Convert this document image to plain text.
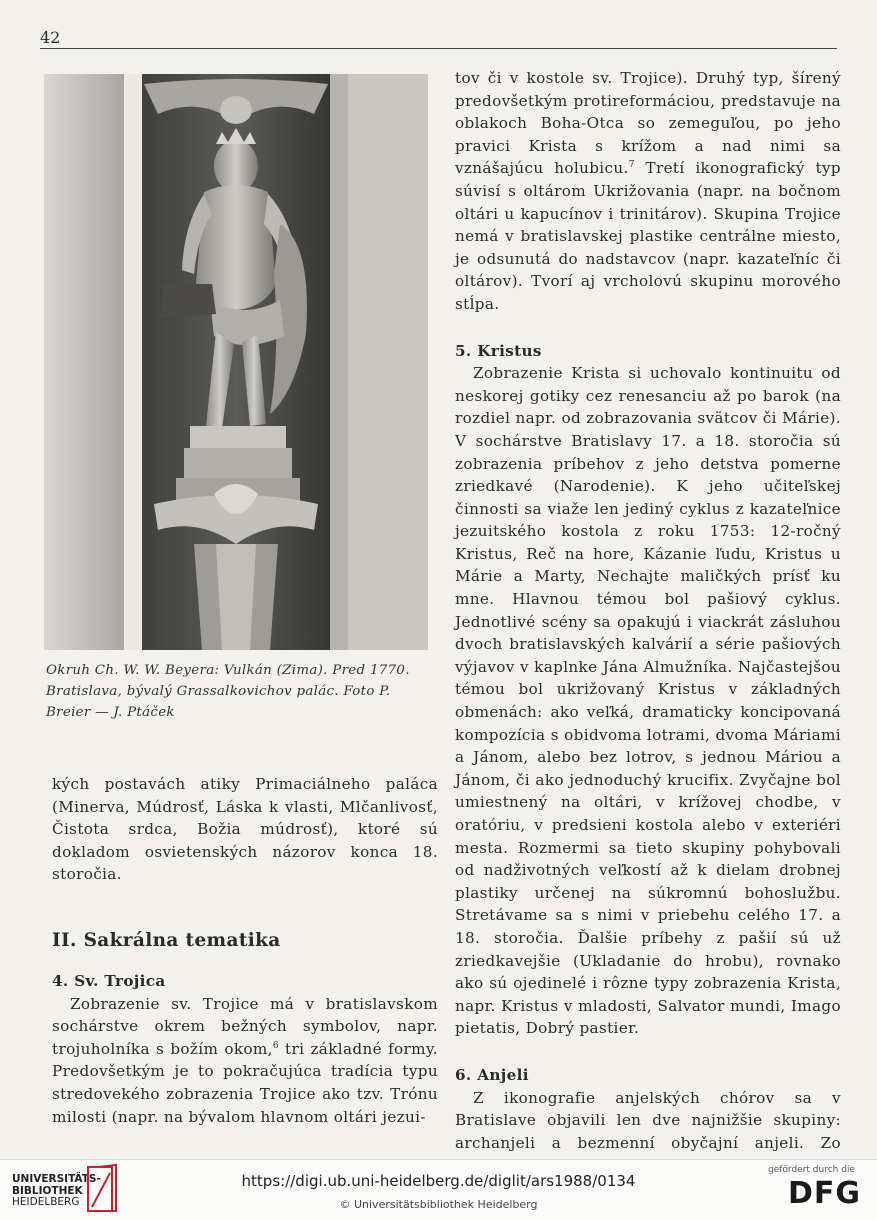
42
Okruh Ch. W. W. Beyera: Vulkán (Zima). Pred 1770. Bratislava, bývalý Grassalkovichov palác. Foto P. Breier — J. Ptáček

kých postavách atiky Primaciálneho paláca (Minerva, Múdrosť, Láska k vlasti, Mlčanlivosť, Čistota srdca, Božia múdrosť), ktoré sú dokladom osvietenských názorov konca 18. storočia.

II. Sakrálna tematika
4. Sv. Trojica

Zobrazenie sv. Trojice má v bratislavskom sochárstve okrem bežných symbolov, napr. trojuholníka s božím okom,$^6$ tri základné formy. Predovšetkým je to pokračujúca tradícia typu stredovekého zobrazenia Trojice ako tzv. Trónu milosti (napr. na bývalom hlavnom oltári jezui-

tov či v kostole sv. Trojice). Druhý typ, šírený predovšetkým protireformáciou, predstavuje na oblakoch Boha-Otca so zemeguľou, po jeho pravici Krista s krížom a nad nimi sa vznášajúcu holubicu.$^7$ Tretí ikonografický typ súvisí s oltárom Ukrižovania (napr. na bočnom oltári u kapucínov i trinitárov). Skupina Trojice nemá v bratislavskej plastike centrálne miesto, je odsunutá do nadstavcov (napr. kazateľníc či oltárov). Tvorí aj vrcholovú skupinu morového stĺpa.

5. Kristus

Zobrazenie Krista si uchovalo kontinuitu od neskorej gotiky cez renesanciu až po barok (na rozdiel napr. od zobrazovania svätcov či Márie). V sochárstve Bratislavy 17. a 18. storočia sú zobrazenia príbehov z jeho detstva pomerne zriedkavé (Narodenie). K jeho učiteľskej činnosti sa viaže len jediný cyklus z kazateľnice jezuitského kostola z roku 1753: 12-ročný Kristus, Reč na hore, Kázanie ľudu, Kristus u Márie a Marty, Nechajte maličkých prísť ku mne. Hlavnou témou bol pašiový cyklus. Jednotlivé scény sa opakujú i viackrát zásluhou dvoch bratislavských kalvárií a série pašiových výjavov v kaplnke Jána Almužníka. Najčastejšou témou bol ukrižovaný Kristus v základných obmenách: ako veľká, dramaticky koncipovaná kompozícia s obidvoma lotrami, dvoma Máriami a Jánom, alebo bez lotrov, s jednou Máriou a Jánom, či ako jednoduchý krucifix. Zvyčajne bol umiestnený na oltári, v krížovej chodbe, v oratóriu, v predsieni kostola alebo v exteriéri mesta. Rozmermi sa tieto skupiny pohybovali od nadživotných veľkostí až k dielam drobnej plastiky určenej na súkromnú bohoslužbu. Stretávame sa s nimi v priebehu celého 17. a 18. storočia. Ďalšie príbehy z pašií sú už zriedkavejšie (Ukladanie do hrobu), rovnako ako sú ojedinelé i rôzne typy zobrazenia Krista, napr. Kristus v mladosti, Salvator mundi, Imago pietatis, Dobrý pastier.

6. Anjeli

Z ikonografie anjelských chórov sa v Bratislave objavili len dve najnižšie skupiny: archanjeli a bezmenní obyčajní anjeli. Zo

UNIVERSITÄTS-
BIBLIOTHEK
HEIDELBERG
https://digi.ub.uni-heidelberg.de/diglit/ars1988/0134
© Universitätsbibliothek Heidelberg
gefördert durch die
DFG
